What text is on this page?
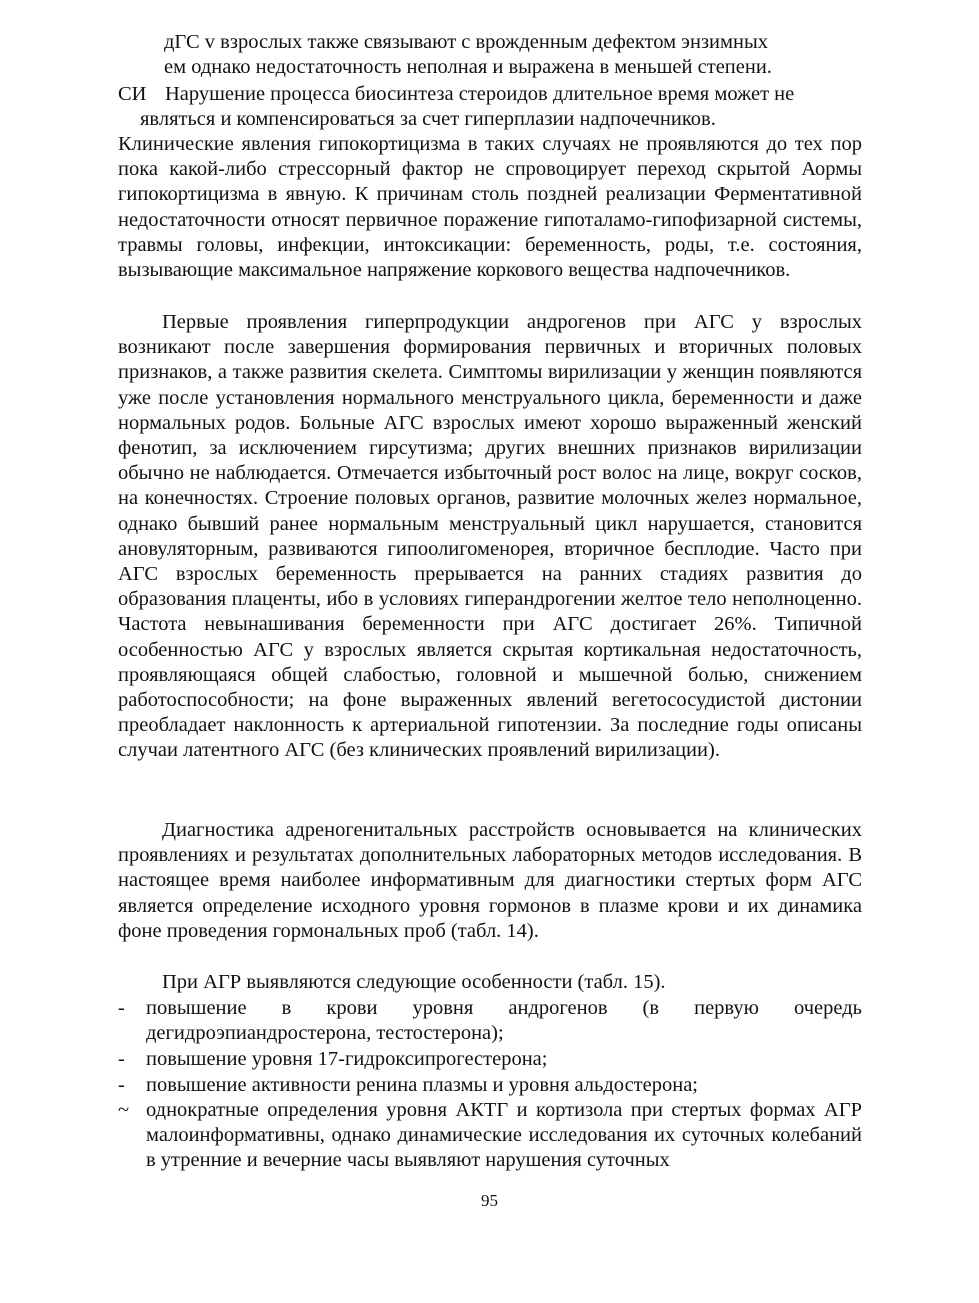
дГС v взрослых также связывают с врожденным дефектом энзимных

ем однако недостаточность неполная и выражена в меньшей степени.

CИ Нарушение процесса биосинтеза стероидов длительное время может не

являться и компенсироваться за счет гиперплазии надпочечников.

Клинические явления гипокортицизма в таких случаях не проявляются до тех пор пока какой-либо стрессорный фактор не спровоцирует переход скрытой Аормы гипокортицизма в явную. К причинам столь поздней реализации Ферментативной недостаточности относят первичное поражение гипоталамо-гипофизарной системы, травмы головы, инфекции, интоксикации: беременность, роды, т.е. состояния, вызывающие максимальное напряжение коркового вещества надпочечников.

Первые проявления гиперпродукции андрогенов при АГС у взрослых возникают после завершения формирования первичных и вторичных половых признаков, а также развития скелета. Симптомы вирилизации у женщин появляются уже после установления нормального менструального цикла, беременности и даже нормальных родов. Больные АГС взрослых имеют хорошо выраженный женский фенотип, за исключением гирсутизма; других внешних признаков вирилизации обычно не наблюдается. Отмечается избыточный рост волос на лице, вокруг сосков, на конечностях. Строение половых органов, развитие молочных желез нормальное, однако бывший ранее нормальным менструальный цикл нарушается, становится ановуляторным, развиваются гипоолигоменорея, вторичное бесплодие. Часто при АГС взрослых беременность прерывается на ранних стадиях развития до образования плаценты, ибо в условиях гиперандрогении желтое тело неполноценно. Частота невынашивания беременности при АГС достигает 26%. Типичной особенностью АГС у взрослых является скрытая кортикальная недостаточность, проявляющаяся общей слабостью, головной и мышечной болью, снижением работоспособности; на фоне выраженных явлений вегетососудистой дистонии преобладает наклонность к артериальной гипотензии. За последние годы описаны случаи латентного АГС (без клинических проявлений вирилизации).

Диагностика адреногенитальных расстройств основывается на клинических проявлениях и результатах дополнительных лабораторных методов исследования. В настоящее время наиболее информативным для диагностики стертых форм АГС является определение исходного уровня гормонов в плазме крови и их динамика фоне проведения гормональных проб (табл. 14).

При АГР выявляются следующие особенности (табл. 15).

- повышение в крови уровня андрогенов (в первую очередь дегидроэпиандростерона, тестостерона);

- повышение уровня 17-гидроксипрогестерона;

- повышение активности ренина плазмы и уровня альдостерона;

~ однократные определения уровня АКТГ и кортизола при стертых формах АГР малоинформативны, однако динамические исследования их суточных колебаний в утренние и вечерние часы выявляют нарушения суточных

95
